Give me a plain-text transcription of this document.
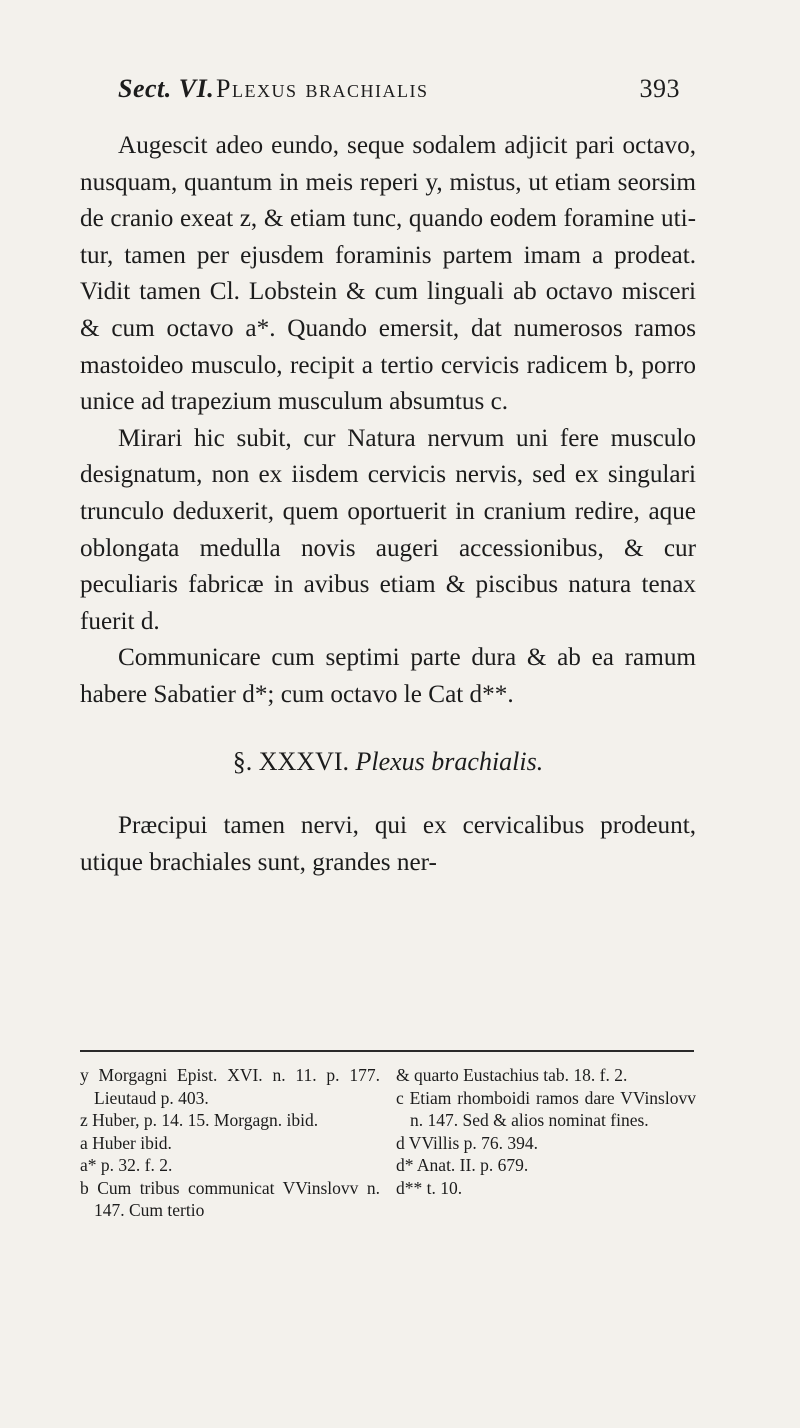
Sect. VI. Plexus brachialis	393

Augescit adeo eundo, seque sodalem adjicit pari octavo, nusquam, quantum in meis reperi y, mistus, ut etiam seorsim de cranio exeat z, & etiam tunc, quando eodem foramine utitur, tamen per ejusdem foraminis partem imam a prodeat. Vidit tamen Cl. Lobstein & cum linguali ab octavo misceri & cum octavo a*. Quando emersit, dat numerosos ramos mastoideo musculo, recipit a tertio cervicis radicem b, porro unice ad trapezium musculum absumtus c.

Mirari hic subit, cur Natura nervum uni fere musculo designatum, non ex iisdem cervicis nervis, sed ex singulari trunculo deduxerit, quem oportuerit in cranium redire, aque oblongata medulla novis augeri accessionibus, & cur peculiaris fabricæ in avibus etiam & piscibus natura tenax fuerit d.

Communicare cum septimi parte dura & ab ea ramum habere Sabatier d*; cum octavo le Cat d**.

§. XXXVI. Plexus brachialis.

Præcipui tamen nervi, qui ex cervicalibus prodeunt, utique brachiales sunt, grandes ner-

y Morgagni Epist. XVI. n. 11. p. 177. Lieutaud p. 403.

z Huber, p. 14. 15. Morgagn. ibid.

a Huber ibid.

a* p. 32. f. 2.

b Cum tribus communicat VVinslovv n. 147. Cum tertio

& quarto Eustachius tab. 18. f. 2.

c Etiam rhomboidi ramos dare VVinslovv n. 147. Sed & alios nominat fines.

d VVillis p. 76. 394.

d* Anat. II. p. 679.

d** t. 10.
